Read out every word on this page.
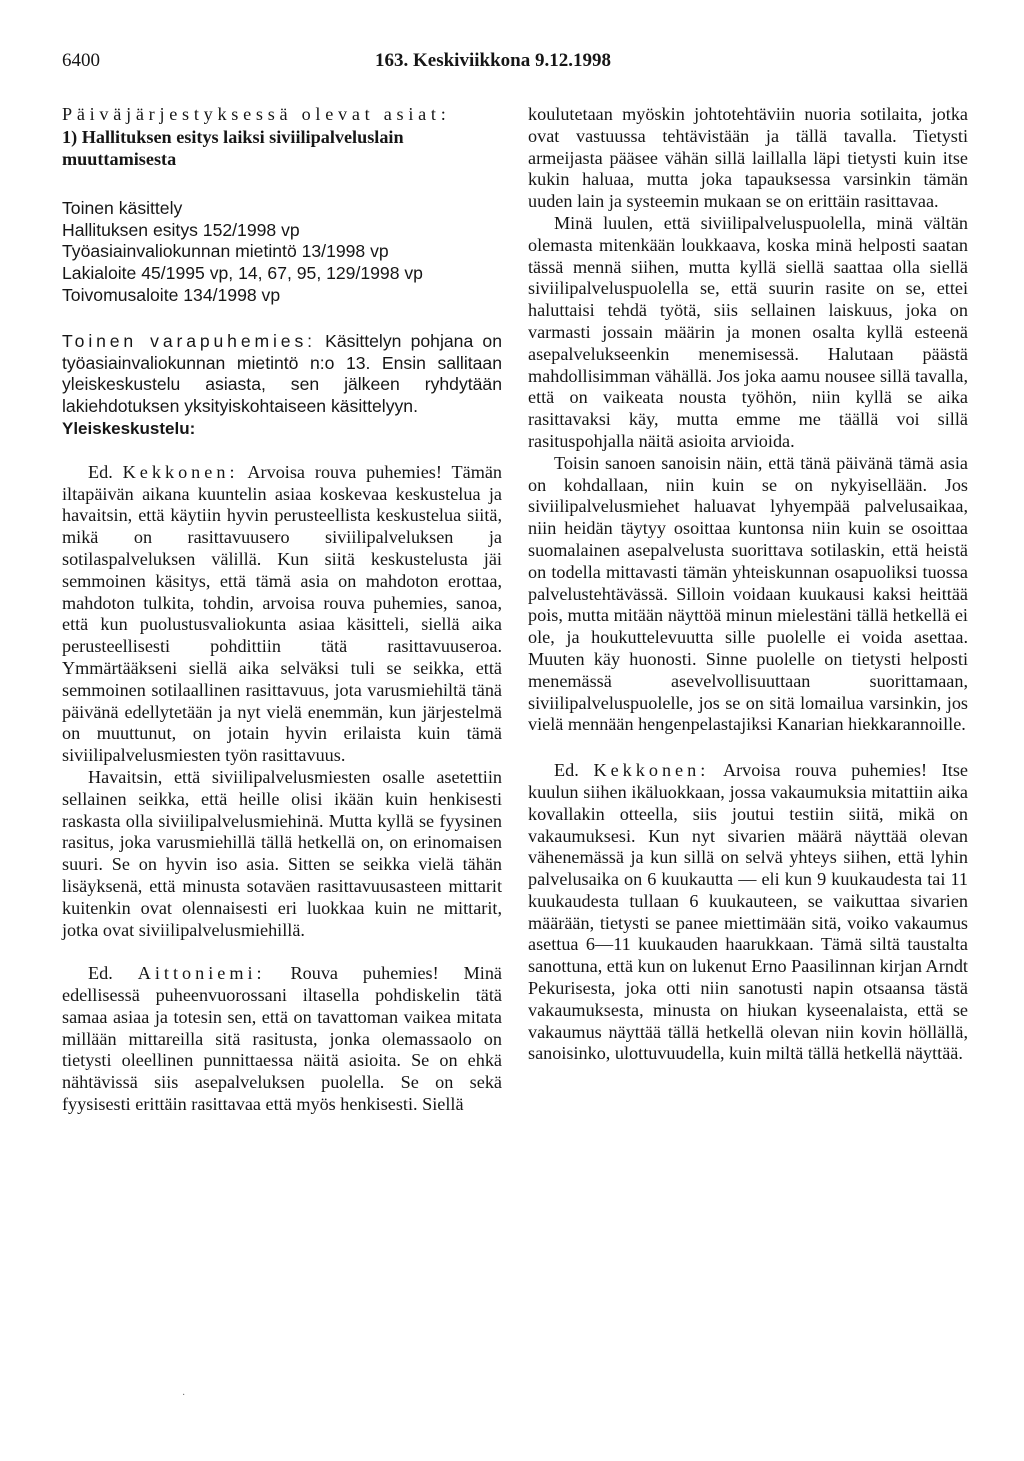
6400	163. Keskiviikkona 9.12.1998

Päiväjärjestyksessä olevat asiat:

1) Hallituksen esitys laiksi siviilipalveluslain muuttamisesta

Toinen käsittely
Hallituksen esitys 152/1998 vp
Työasiainvaliokunnan mietintö 13/1998 vp
Lakialoite 45/1995 vp, 14, 67, 95, 129/1998 vp
Toivomusaloite 134/1998 vp

Toinen varapuhemies: Käsittelyn pohjana on työasiainvaliokunnan mietintö n:o 13. Ensin sallitaan yleiskeskustelu asiasta, sen jälkeen ryhdytään lakiehdotuksen yksityiskohtaiseen käsittelyyn.

Yleiskeskustelu:

Ed. Kekkonen: Arvoisa rouva puhemies! Tämän iltapäivän aikana kuuntelin asiaa koskevaa keskustelua ja havaitsin, että käytiin hyvin perusteellista keskustelua siitä, mikä on rasittavuusero siviilipalveluksen ja sotilaspalveluksen välillä. Kun siitä keskustelusta jäi semmoinen käsitys, että tämä asia on mahdoton erottaa, mahdoton tulkita, tohdin, arvoisa rouva puhemies, sanoa, että kun puolustusvaliokunta asiaa käsitteli, siellä aika perusteellisesti pohdittiin tätä rasittavuuseroa. Ymmärtääkseni siellä aika selväksi tuli se seikka, että semmoinen sotilaallinen rasittavuus, jota varusmiehiltä tänä päivänä edellytetään ja nyt vielä enemmän, kun järjestelmä on muuttunut, on jotain hyvin erilaista kuin tämä siviilipalvelusmiesten työn rasittavuus.

Havaitsin, että siviilipalvelusmiesten osalle asetettiin sellainen seikka, että heille olisi ikään kuin henkisesti raskasta olla siviilipalvelusmiehinä. Mutta kyllä se fyysinen rasitus, joka varusmiehillä tällä hetkellä on, on erinomaisen suuri. Se on hyvin iso asia. Sitten se seikka vielä tähän lisäyksenä, että minusta sotaväen rasittavuusasteen mittarit kuitenkin ovat olennaisesti eri luokkaa kuin ne mittarit, jotka ovat siviilipalvelusmiehillä.

Ed. Aittoniemi: Rouva puhemies! Minä edellisessä puheenvuorossani iltasella pohdiskelin tätä samaa asiaa ja totesin sen, että on tavattoman vaikea mitata millään mittareilla sitä rasitusta, jonka olemassaolo on tietysti oleellinen punnittaessa näitä asioita. Se on ehkä nähtävissä siis asepalveluksen puolella. Se on sekä fyysisesti erittäin rasittavaa että myös henkisesti. Siellä

koulutetaan myöskin johtotehtäviin nuoria sotilaita, jotka ovat vastuussa tehtävistään ja tällä tavalla. Tietysti armeijasta pääsee vähän sillä laillalla läpi tietysti kuin itse kukin haluaa, mutta joka tapauksessa varsinkin tämän uuden lain ja systeemin mukaan se on erittäin rasittavaa.

Minä luulen, että siviilipalveluspuolella, minä vältän olemasta mitenkään loukkaava, koska minä helposti saatan tässä mennä siihen, mutta kyllä siellä saattaa olla siellä siviilipalveluspuolella se, että suurin rasite on se, ettei haluttaisi tehdä työtä, siis sellainen laiskuus, joka on varmasti jossain määrin ja monen osalta kyllä esteenä asepalvelukseenkin menemisessä. Halutaan päästä mahdollisimman vähällä. Jos joka aamu nousee sillä tavalla, että on vaikeata nousta työhön, niin kyllä se aika rasittavaksi käy, mutta emme me täällä voi sillä rasituspohjalla näitä asioita arvioida.

Toisin sanoen sanoisin näin, että tänä päivänä tämä asia on kohdallaan, niin kuin se on nykyisellään. Jos siviilipalvelusmiehet haluavat lyhyempää palvelusaikaa, niin heidän täytyy osoittaa kuntonsa niin kuin se osoittaa suomalainen asepalvelusta suorittava sotilaskin, että heistä on todella mittavasti tämän yhteiskunnan osapuoliksi tuossa palvelustehtävässä. Silloin voidaan kuukausi kaksi heittää pois, mutta mitään näyttöä minun mielestäni tällä hetkellä ei ole, ja houkuttelevuutta sille puolelle ei voida asettaa. Muuten käy huonosti. Sinne puolelle on tietysti helposti menemässä asevelvollisuuttaan suorittamaan, siviilipalveluspuolelle, jos se on sitä lomailua varsinkin, jos vielä mennään hengenpelastajiksi Kanarian hiekkarannoille.

Ed. Kekkonen: Arvoisa rouva puhemies! Itse kuulun siihen ikäluokkaan, jossa vakaumuksia mitattiin aika kovallakin otteella, siis joutui testiin siitä, mikä on vakaumuksesi. Kun nyt sivarien määrä näyttää olevan vähenemässä ja kun sillä on selvä yhteys siihen, että lyhin palvelusaika on 6 kuukautta — eli kun 9 kuukaudesta tai 11 kuukaudesta tullaan 6 kuukauteen, se vaikuttaa sivarien määrään, tietysti se panee miettimään sitä, voiko vakaumus asettua 6—11 kuukauden haarukkaan. Tämä siltä taustalta sanottuna, että kun on lukenut Erno Paasilinnan kirjan Arndt Pekurisesta, joka otti niin sanotusti napin otsaansa tästä vakaumuksesta, minusta on hiukan kyseenalaista, että se vakaumus näyttää tällä hetkellä olevan niin kovin höllällä, sanoisinko, ulottuvuudella, kuin miltä tällä hetkellä näyttää.

·
